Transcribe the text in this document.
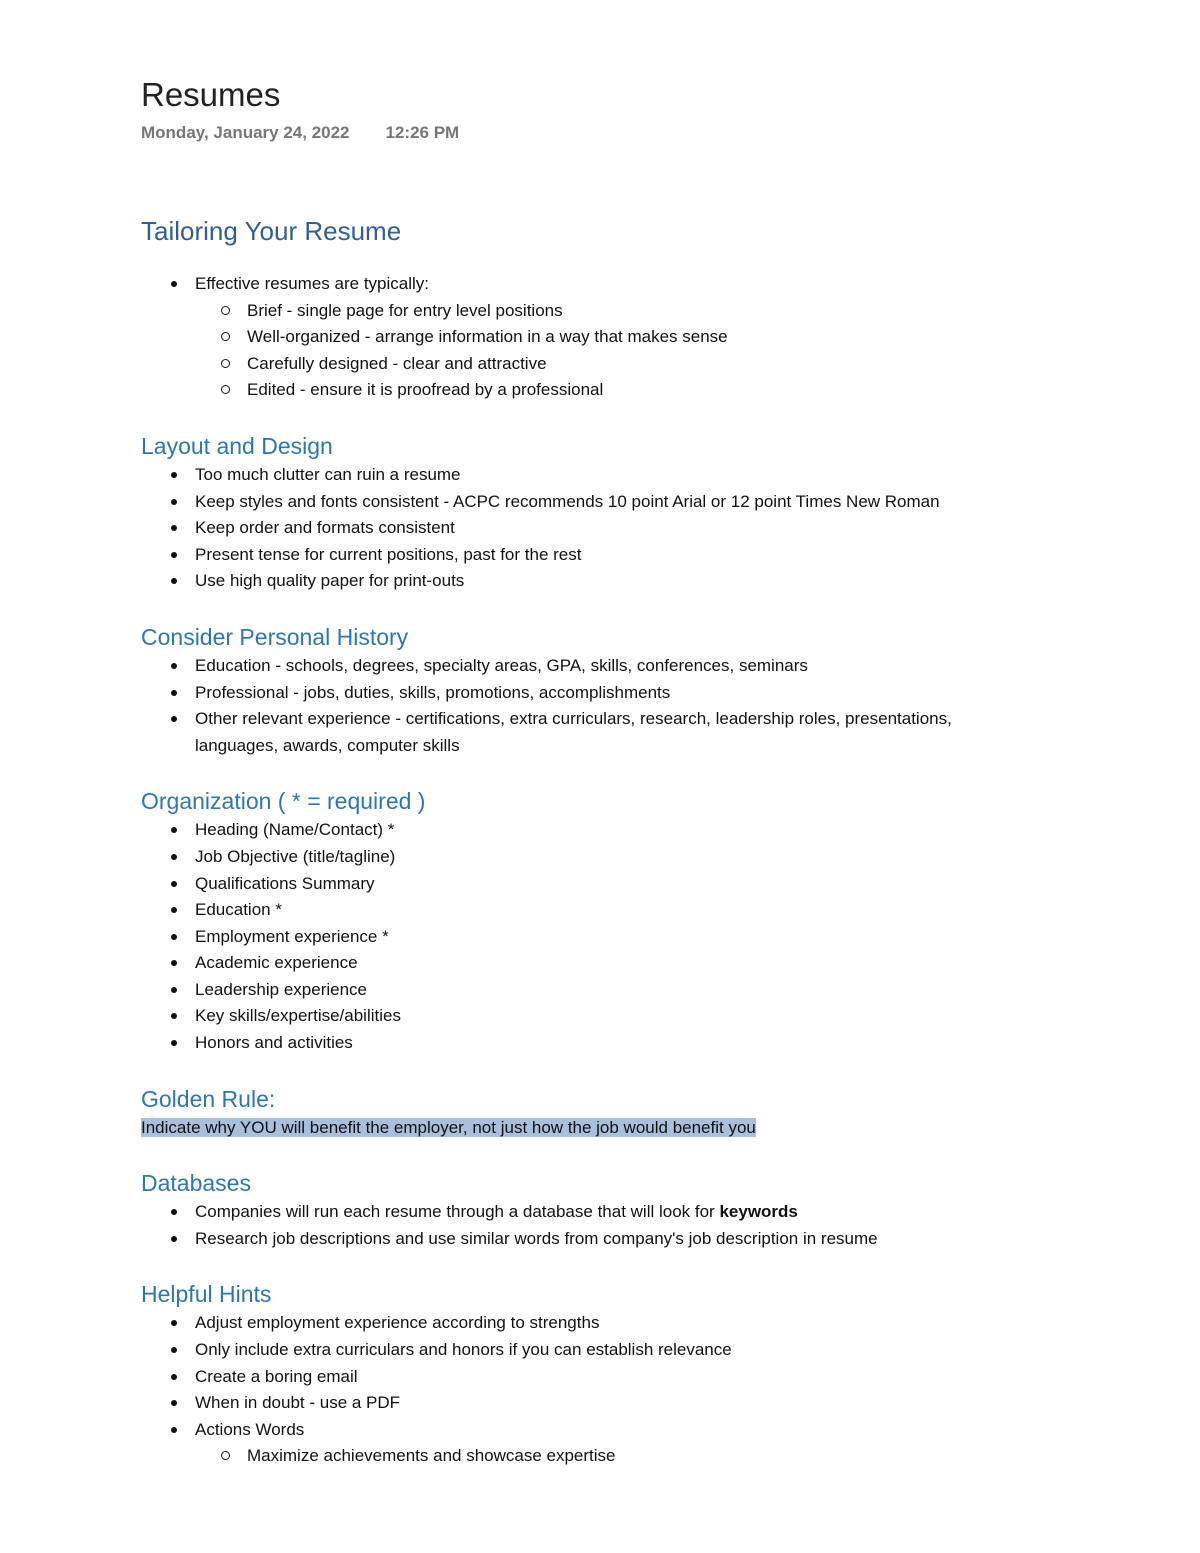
Resumes
Monday, January 24, 2022 12:26 PM
Tailoring Your Resume
Effective resumes are typically:
Brief - single page for entry level positions
Well-organized - arrange information in a way that makes sense
Carefully designed - clear and attractive
Edited - ensure it is proofread by a professional
Layout and Design
Too much clutter can ruin a resume
Keep styles and fonts consistent - ACPC recommends 10 point Arial or 12 point Times New Roman
Keep order and formats consistent
Present tense for current positions, past for the rest
Use high quality paper for print-outs
Consider Personal History
Education - schools, degrees, specialty areas, GPA, skills, conferences, seminars
Professional - jobs, duties, skills, promotions, accomplishments
Other relevant experience - certifications, extra curriculars, research, leadership roles, presentations, languages, awards, computer skills
Organization ( * = required )
Heading (Name/Contact) *
Job Objective (title/tagline)
Qualifications Summary
Education *
Employment experience *
Academic experience
Leadership experience
Key skills/expertise/abilities
Honors and activities
Golden Rule:
Indicate why YOU will benefit the employer, not just how the job would benefit you
Databases
Companies will run each resume through a database that will look for keywords
Research job descriptions and use similar words from company's job description in resume
Helpful Hints
Adjust employment experience according to strengths
Only include extra curriculars and honors if you can establish relevance
Create a boring email
When in doubt - use a PDF
Actions Words
Maximize achievements and showcase expertise
